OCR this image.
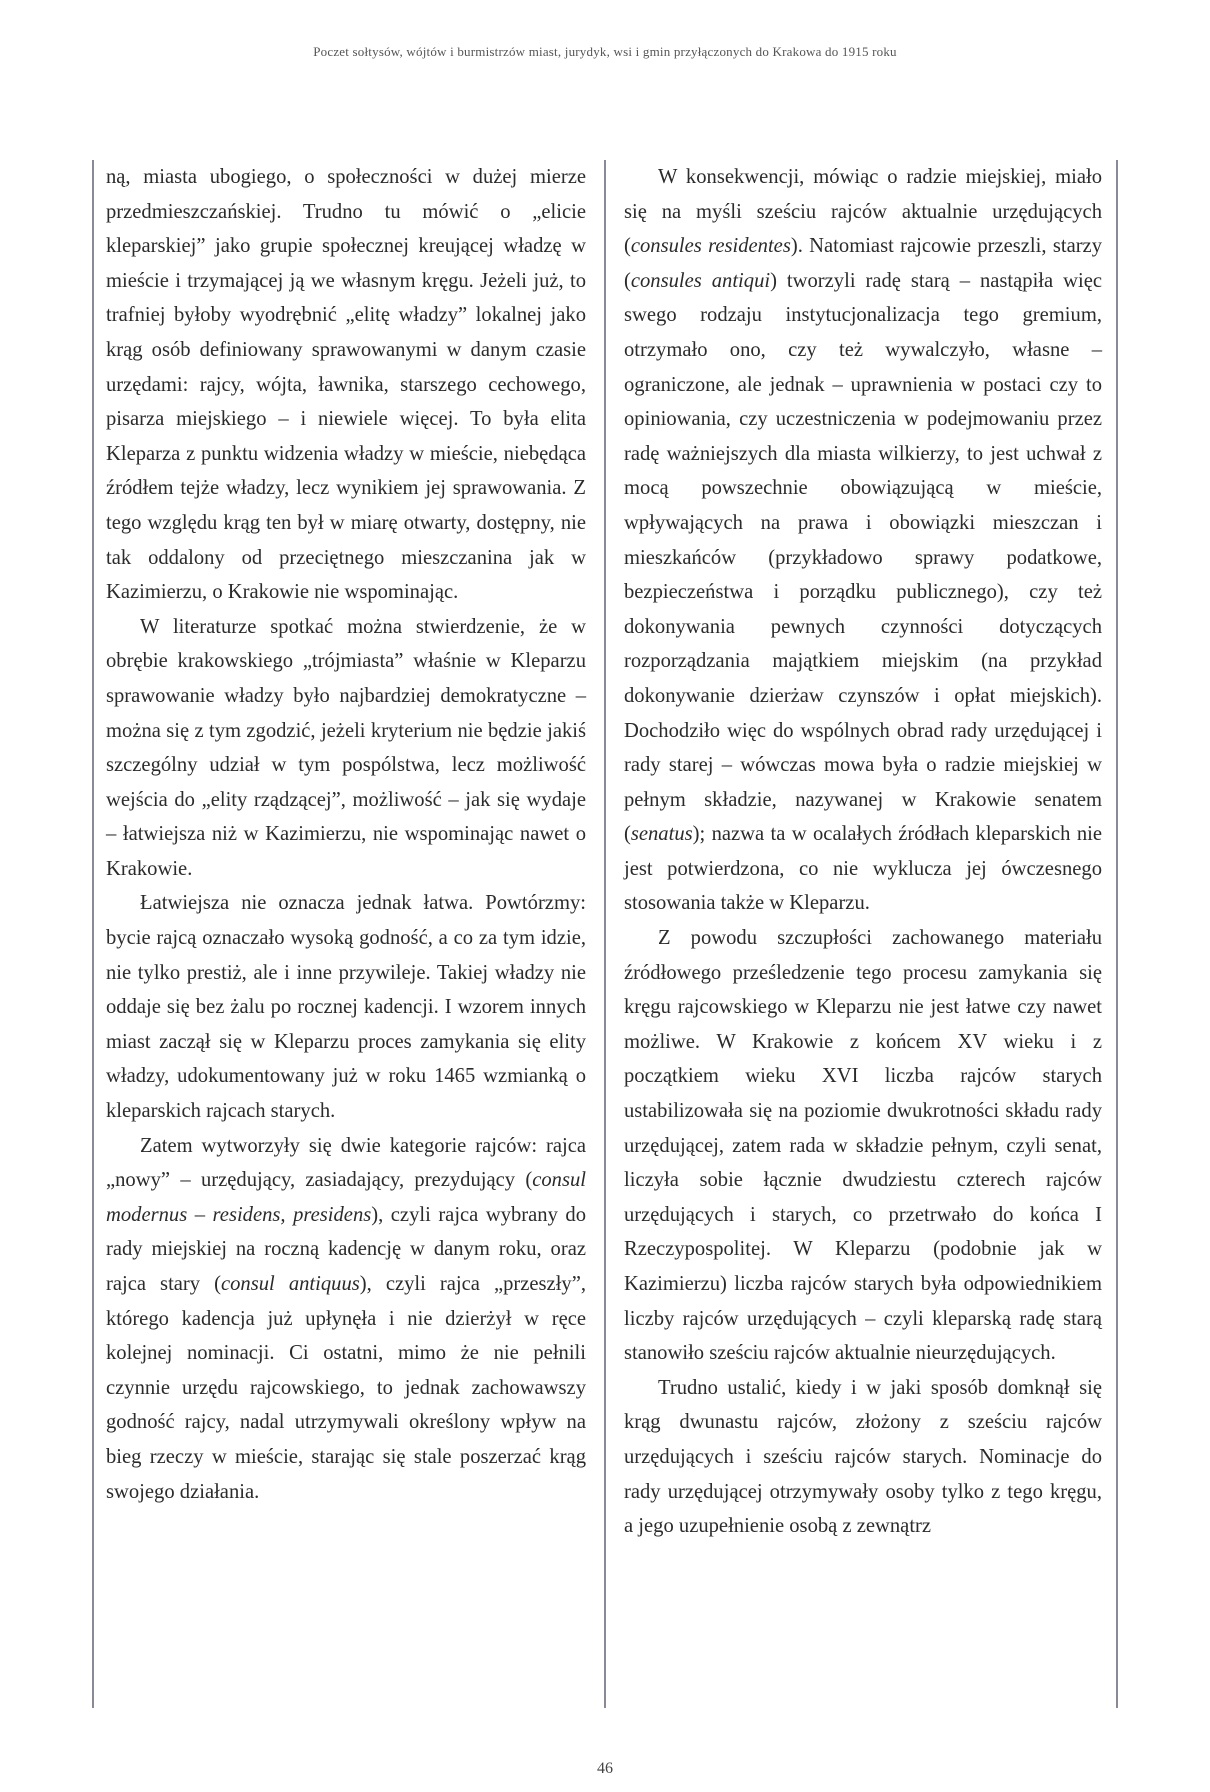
Poczet sołtysów, wójtów i burmistrzów miast, jurydyk, wsi i gmin przyłączonych do Krakowa do 1915 roku

ną, miasta ubogiego, o społeczności w dużej mierze przedmieszczańskiej. Trudno tu mówić o „elicie kleparskiej” jako grupie społecznej kreującej władzę w mieście i trzymającej ją we własnym kręgu. Jeżeli już, to trafniej byłoby wyodrębnić „elitę władzy” lokalnej jako krąg osób definiowany sprawowanymi w danym czasie urzędami: rajcy, wójta, ławnika, starszego cechowego, pisarza miejskiego – i niewiele więcej. To była elita Kleparza z punktu widzenia władzy w mieście, niebędąca źródłem tejże władzy, lecz wynikiem jej sprawowania. Z tego względu krąg ten był w miarę otwarty, dostępny, nie tak oddalony od przeciętnego mieszczanina jak w Kazimierzu, o Krakowie nie wspominając.

W literaturze spotkać można stwierdzenie, że w obrębie krakowskiego „trójmiasta” właśnie w Kleparzu sprawowanie władzy było najbardziej demokratyczne – można się z tym zgodzić, jeżeli kryterium nie będzie jakiś szczególny udział w tym pospólstwa, lecz możliwość wejścia do „elity rządzącej”, możliwość – jak się wydaje – łatwiejsza niż w Kazimierzu, nie wspominając nawet o Krakowie.

Łatwiejsza nie oznacza jednak łatwa. Powtórzmy: bycie rajcą oznaczało wysoką godność, a co za tym idzie, nie tylko prestiż, ale i inne przywileje. Takiej władzy nie oddaje się bez żalu po rocznej kadencji. I wzorem innych miast zaczął się w Kleparzu proces zamykania się elity władzy, udokumentowany już w roku 1465 wzmianką o kleparskich rajcach starych.

Zatem wytworzyły się dwie kategorie rajców: rajca „nowy” – urzędujący, zasiadający, prezydujący (consul modernus – residens, presidens), czyli rajca wybrany do rady miejskiej na roczną kadencję w danym roku, oraz rajca stary (consul antiquus), czyli rajca „przeszły”, którego kadencja już upłynęła i nie dzierżył w ręce kolejnej nominacji. Ci ostatni, mimo że nie pełnili czynnie urzędu rajcowskiego, to jednak zachowawszy godność rajcy, nadal utrzymywali określony wpływ na bieg rzeczy w mieście, starając się stale poszerzać krąg swojego działania.

W konsekwencji, mówiąc o radzie miejskiej, miało się na myśli sześciu rajców aktualnie urzędujących (consules residentes). Natomiast rajcowie przeszli, starzy (consules antiqui) tworzyli radę starą – nastąpiła więc swego rodzaju instytucjonalizacja tego gremium, otrzymało ono, czy też wywalczyło, własne – ograniczone, ale jednak – uprawnienia w postaci czy to opiniowania, czy uczestniczenia w podejmowaniu przez radę ważniejszych dla miasta wilkierzy, to jest uchwał z mocą powszechnie obowiązującą w mieście, wpływających na prawa i obowiązki mieszczan i mieszkańców (przykładowo sprawy podatkowe, bezpieczeństwa i porządku publicznego), czy też dokonywania pewnych czynności dotyczących rozporządzania majątkiem miejskim (na przykład dokonywanie dzierżaw czynszów i opłat miejskich). Dochodziło więc do wspólnych obrad rady urzędującej i rady starej – wówczas mowa była o radzie miejskiej w pełnym składzie, nazywanej w Krakowie senatem (senatus); nazwa ta w ocalałych źródłach kleparskich nie jest potwierdzona, co nie wyklucza jej ówczesnego stosowania także w Kleparzu.

Z powodu szczupłości zachowanego materiału źródłowego prześledzenie tego procesu zamykania się kręgu rajcowskiego w Kleparzu nie jest łatwe czy nawet możliwe. W Krakowie z końcem XV wieku i z początkiem wieku XVI liczba rajców starych ustabilizowała się na poziomie dwukrotności składu rady urzędującej, zatem rada w składzie pełnym, czyli senat, liczyła sobie łącznie dwudziestu czterech rajców urzędujących i starych, co przetrwało do końca I Rzeczypospolitej. W Kleparzu (podobnie jak w Kazimierzu) liczba rajców starych była odpowiednikiem liczby rajców urzędujących – czyli kleparską radę starą stanowiło sześciu rajców aktualnie nieurzędujących.

Trudno ustalić, kiedy i w jaki sposób domknął się krąg dwunastu rajców, złożony z sześciu rajców urzędujących i sześciu rajców starych. Nominacje do rady urzędującej otrzymywały osoby tylko z tego kręgu, a jego uzupełnienie osobą z zewnątrz

46
